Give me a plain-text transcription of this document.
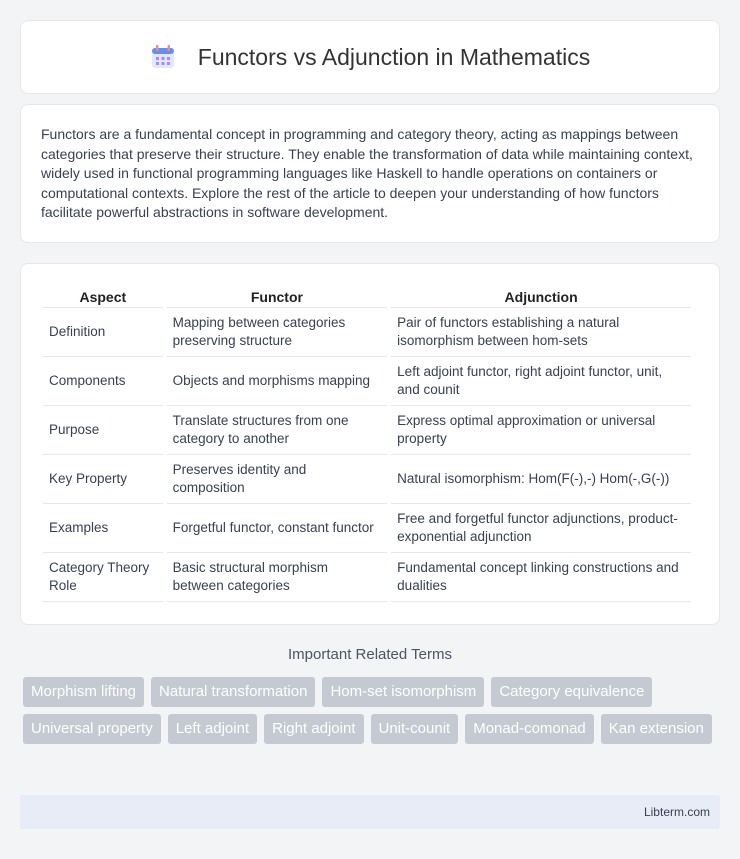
Functors vs Adjunction in Mathematics

Functors are a fundamental concept in programming and category theory, acting as mappings between categories that preserve their structure. They enable the transformation of data while maintaining context, widely used in functional programming languages like Haskell to handle operations on containers or computational contexts. Explore the rest of the article to deepen your understanding of how functors facilitate powerful abstractions in software development.

Aspect	Functor	Adjunction
Definition	Mapping between categories preserving structure	Pair of functors establishing a natural isomorphism between hom-sets
Components	Objects and morphisms mapping	Left adjoint functor, right adjoint functor, unit, and counit
Purpose	Translate structures from one category to another	Express optimal approximation or universal property
Key Property	Preserves identity and composition	Natural isomorphism: Hom(F(-),-) Hom(-,G(-))
Examples	Forgetful functor, constant functor	Free and forgetful functor adjunctions, product-exponential adjunction
Category Theory Role	Basic structural morphism between categories	Fundamental concept linking constructions and dualities
Important Related Terms
Morphism lifting	Natural transformation	Hom-set isomorphism	Category equivalence
Universal property	Left adjoint	Right adjoint	Unit-counit	Monad-comonad	Kan extension
Libterm.com
